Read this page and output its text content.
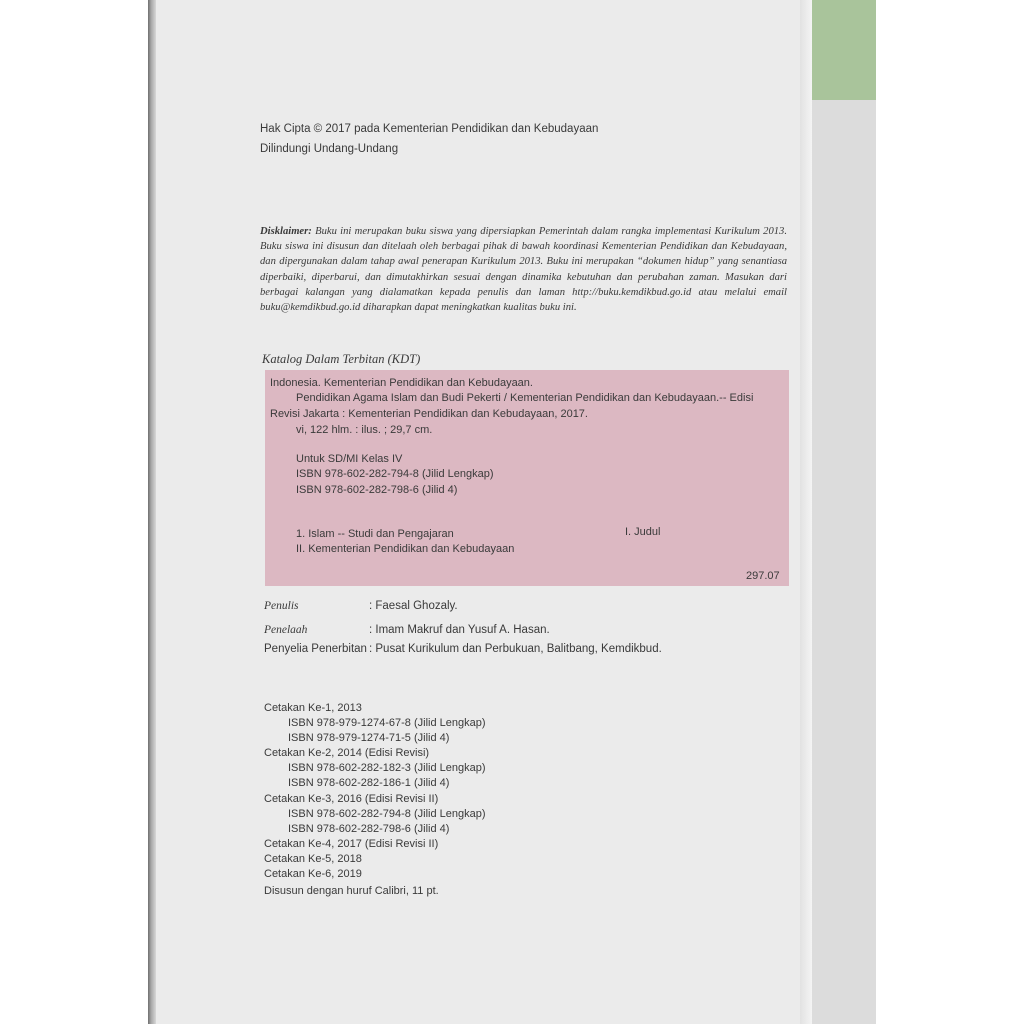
Hak Cipta © 2017 pada Kementerian Pendidikan dan Kebudayaan
Dilindungi Undang-Undang
Disklaimer: Buku ini merupakan buku siswa yang dipersiapkan Pemerintah dalam rangka implementasi Kurikulum 2013. Buku siswa ini disusun dan ditelaah oleh berbagai pihak di bawah koordinasi Kementerian Pendidikan dan Kebudayaan, dan dipergunakan dalam tahap awal penerapan Kurikulum 2013. Buku ini merupakan “dokumen hidup” yang senantiasa diperbaiki, diperbarui, dan dimutakhirkan sesuai dengan dinamika kebutuhan dan perubahan zaman. Masukan dari berbagai kalangan yang dialamatkan kepada penulis dan laman http://buku.kemdikbud.go.id atau melalui email buku@kemdikbud.go.id diharapkan dapat meningkatkan kualitas buku ini.
Katalog Dalam Terbitan (KDT)
Indonesia. Kementerian Pendidikan dan Kebudayaan.
Pendidikan Agama Islam dan Budi Pekerti / Kementerian Pendidikan dan Kebudayaan.-- Edisi
Revisi Jakarta : Kementerian Pendidikan dan Kebudayaan, 2017.
vi, 122 hlm. : ilus. ; 29,7 cm.
Untuk SD/MI Kelas IV
ISBN 978-602-282-794-8 (Jilid Lengkap)
ISBN 978-602-282-798-6 (Jilid 4)
1. Islam -- Studi dan Pengajaran	I. Judul
II. Kementerian Pendidikan dan Kebudayaan
297.07
Penulis	: Faesal Ghozaly.
Penelaah	: Imam Makruf dan Yusuf A. Hasan.
Penyelia Penerbitan : Pusat Kurikulum dan Perbukuan, Balitbang, Kemdikbud.
Cetakan Ke-1, 2013
ISBN 978-979-1274-67-8 (Jilid Lengkap)
ISBN 978-979-1274-71-5 (Jilid 4)
Cetakan Ke-2, 2014 (Edisi Revisi)
ISBN 978-602-282-182-3 (Jilid Lengkap)
ISBN 978-602-282-186-1 (Jilid 4)
Cetakan Ke-3, 2016 (Edisi Revisi II)
ISBN 978-602-282-794-8 (Jilid Lengkap)
ISBN 978-602-282-798-6 (Jilid 4)
Cetakan Ke-4, 2017 (Edisi Revisi II)
Cetakan Ke-5, 2018
Cetakan Ke-6, 2019
Disusun dengan huruf Calibri, 11 pt.
